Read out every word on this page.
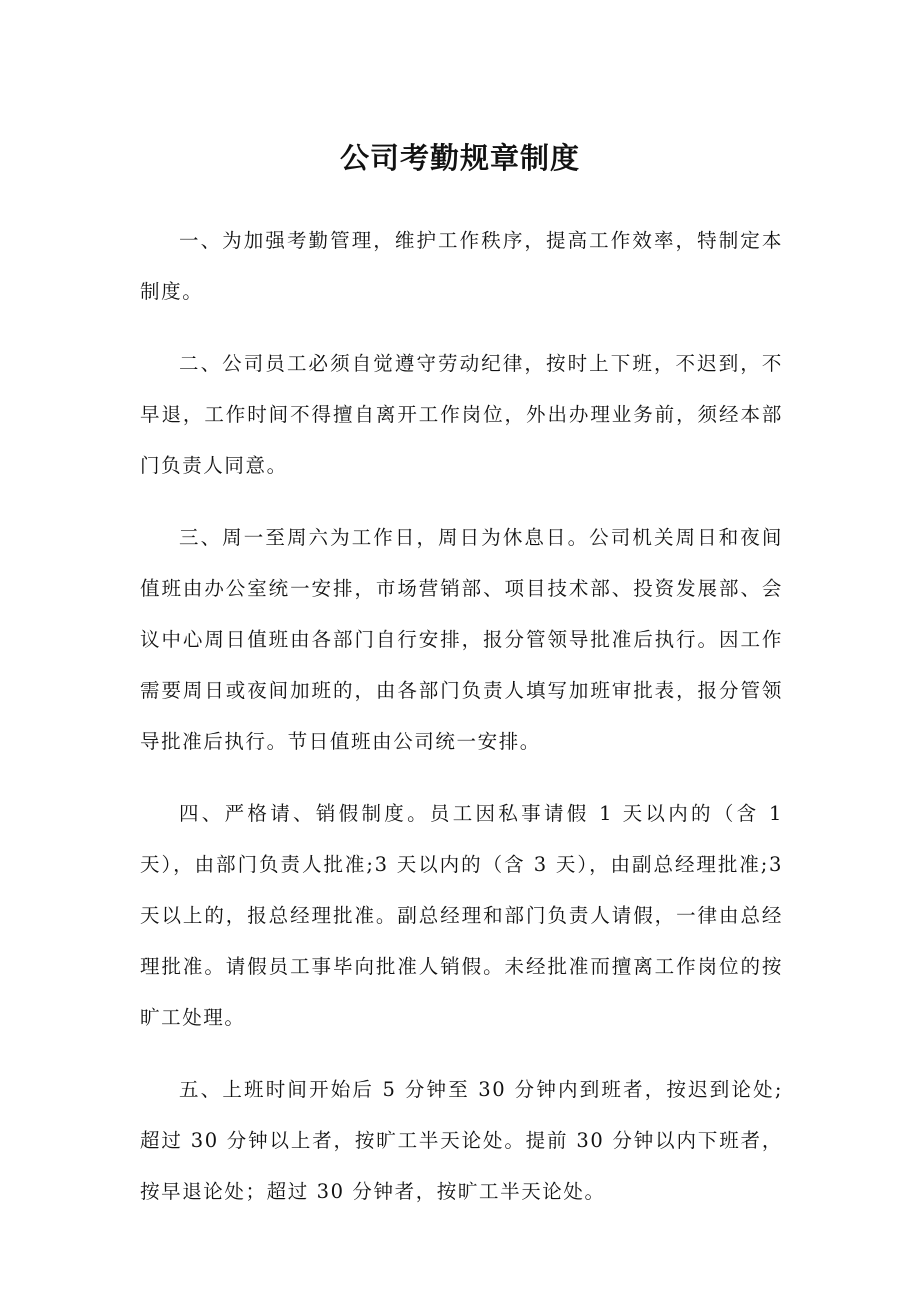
公司考勤规章制度

一、为加强考勤管理，维护工作秩序，提高工作效率，特制定本制度。

二、公司员工必须自觉遵守劳动纪律，按时上下班，不迟到，不早退，工作时间不得擅自离开工作岗位，外出办理业务前，须经本部门负责人同意。

三、周一至周六为工作日，周日为休息日。公司机关周日和夜间值班由办公室统一安排，市场营销部、项目技术部、投资发展部、会议中心周日值班由各部门自行安排，报分管领导批准后执行。因工作需要周日或夜间加班的，由各部门负责人填写加班审批表，报分管领导批准后执行。节日值班由公司统一安排。

四、严格请、销假制度。员工因私事请假 1 天以内的（含 1 天），由部门负责人批准;3 天以内的（含 3 天），由副总经理批准;3 天以上的，报总经理批准。副总经理和部门负责人请假，一律由总经理批准。请假员工事毕向批准人销假。未经批准而擅离工作岗位的按旷工处理。

五、上班时间开始后 5 分钟至 30 分钟内到班者，按迟到论处;超过 30 分钟以上者，按旷工半天论处。提前 30 分钟以内下班者，按早退论处；超过 30 分钟者，按旷工半天论处。
